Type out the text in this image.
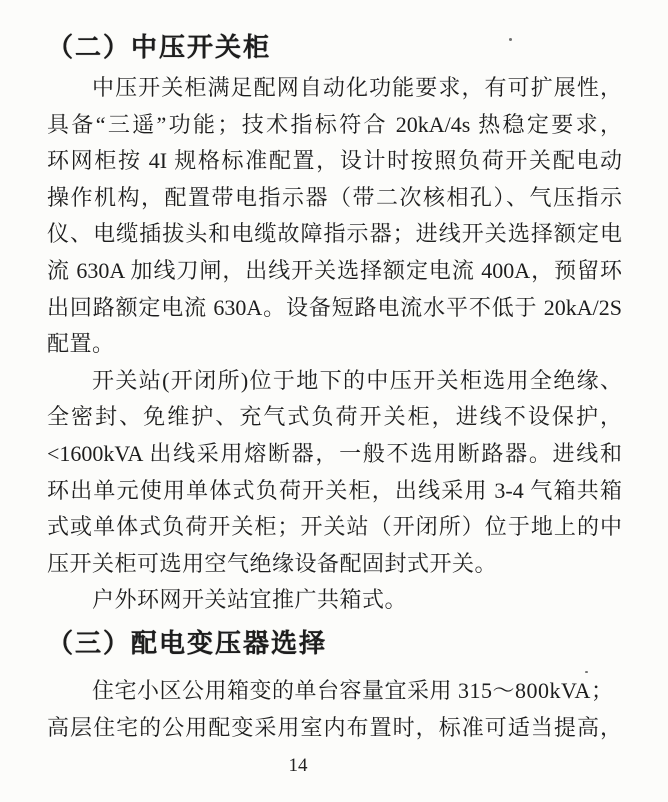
（二）中压开关柜
中压开关柜满足配网自动化功能要求，有可扩展性，
具备“三遥”功能；技术指标符合 20kA/4s 热稳定要求，
环网柜按 4I 规格标准配置，设计时按照负荷开关配电动
操作机构，配置带电指示器（带二次核相孔）、气压指示
仪、电缆插拔头和电缆故障指示器；进线开关选择额定电
流 630A 加线刀闸，出线开关选择额定电流 400A，预留环
出回路额定电流 630A。设备短路电流水平不低于 20kA/2S
配置。
开关站(开闭所)位于地下的中压开关柜选用全绝缘、
全密封、免维护、充气式负荷开关柜，进线不设保护，
<1600kVA 出线采用熔断器，一般不选用断路器。进线和
环出单元使用单体式负荷开关柜，出线采用 3-4 气箱共箱
式或单体式负荷开关柜；开关站（开闭所）位于地上的中
压开关柜可选用空气绝缘设备配固封式开关。
户外环网开关站宜推广共箱式。
（三）配电变压器选择
住宅小区公用箱变的单台容量宜采用 315～800kVA；
高层住宅的公用配变采用室内布置时，标准可适当提高，
14
